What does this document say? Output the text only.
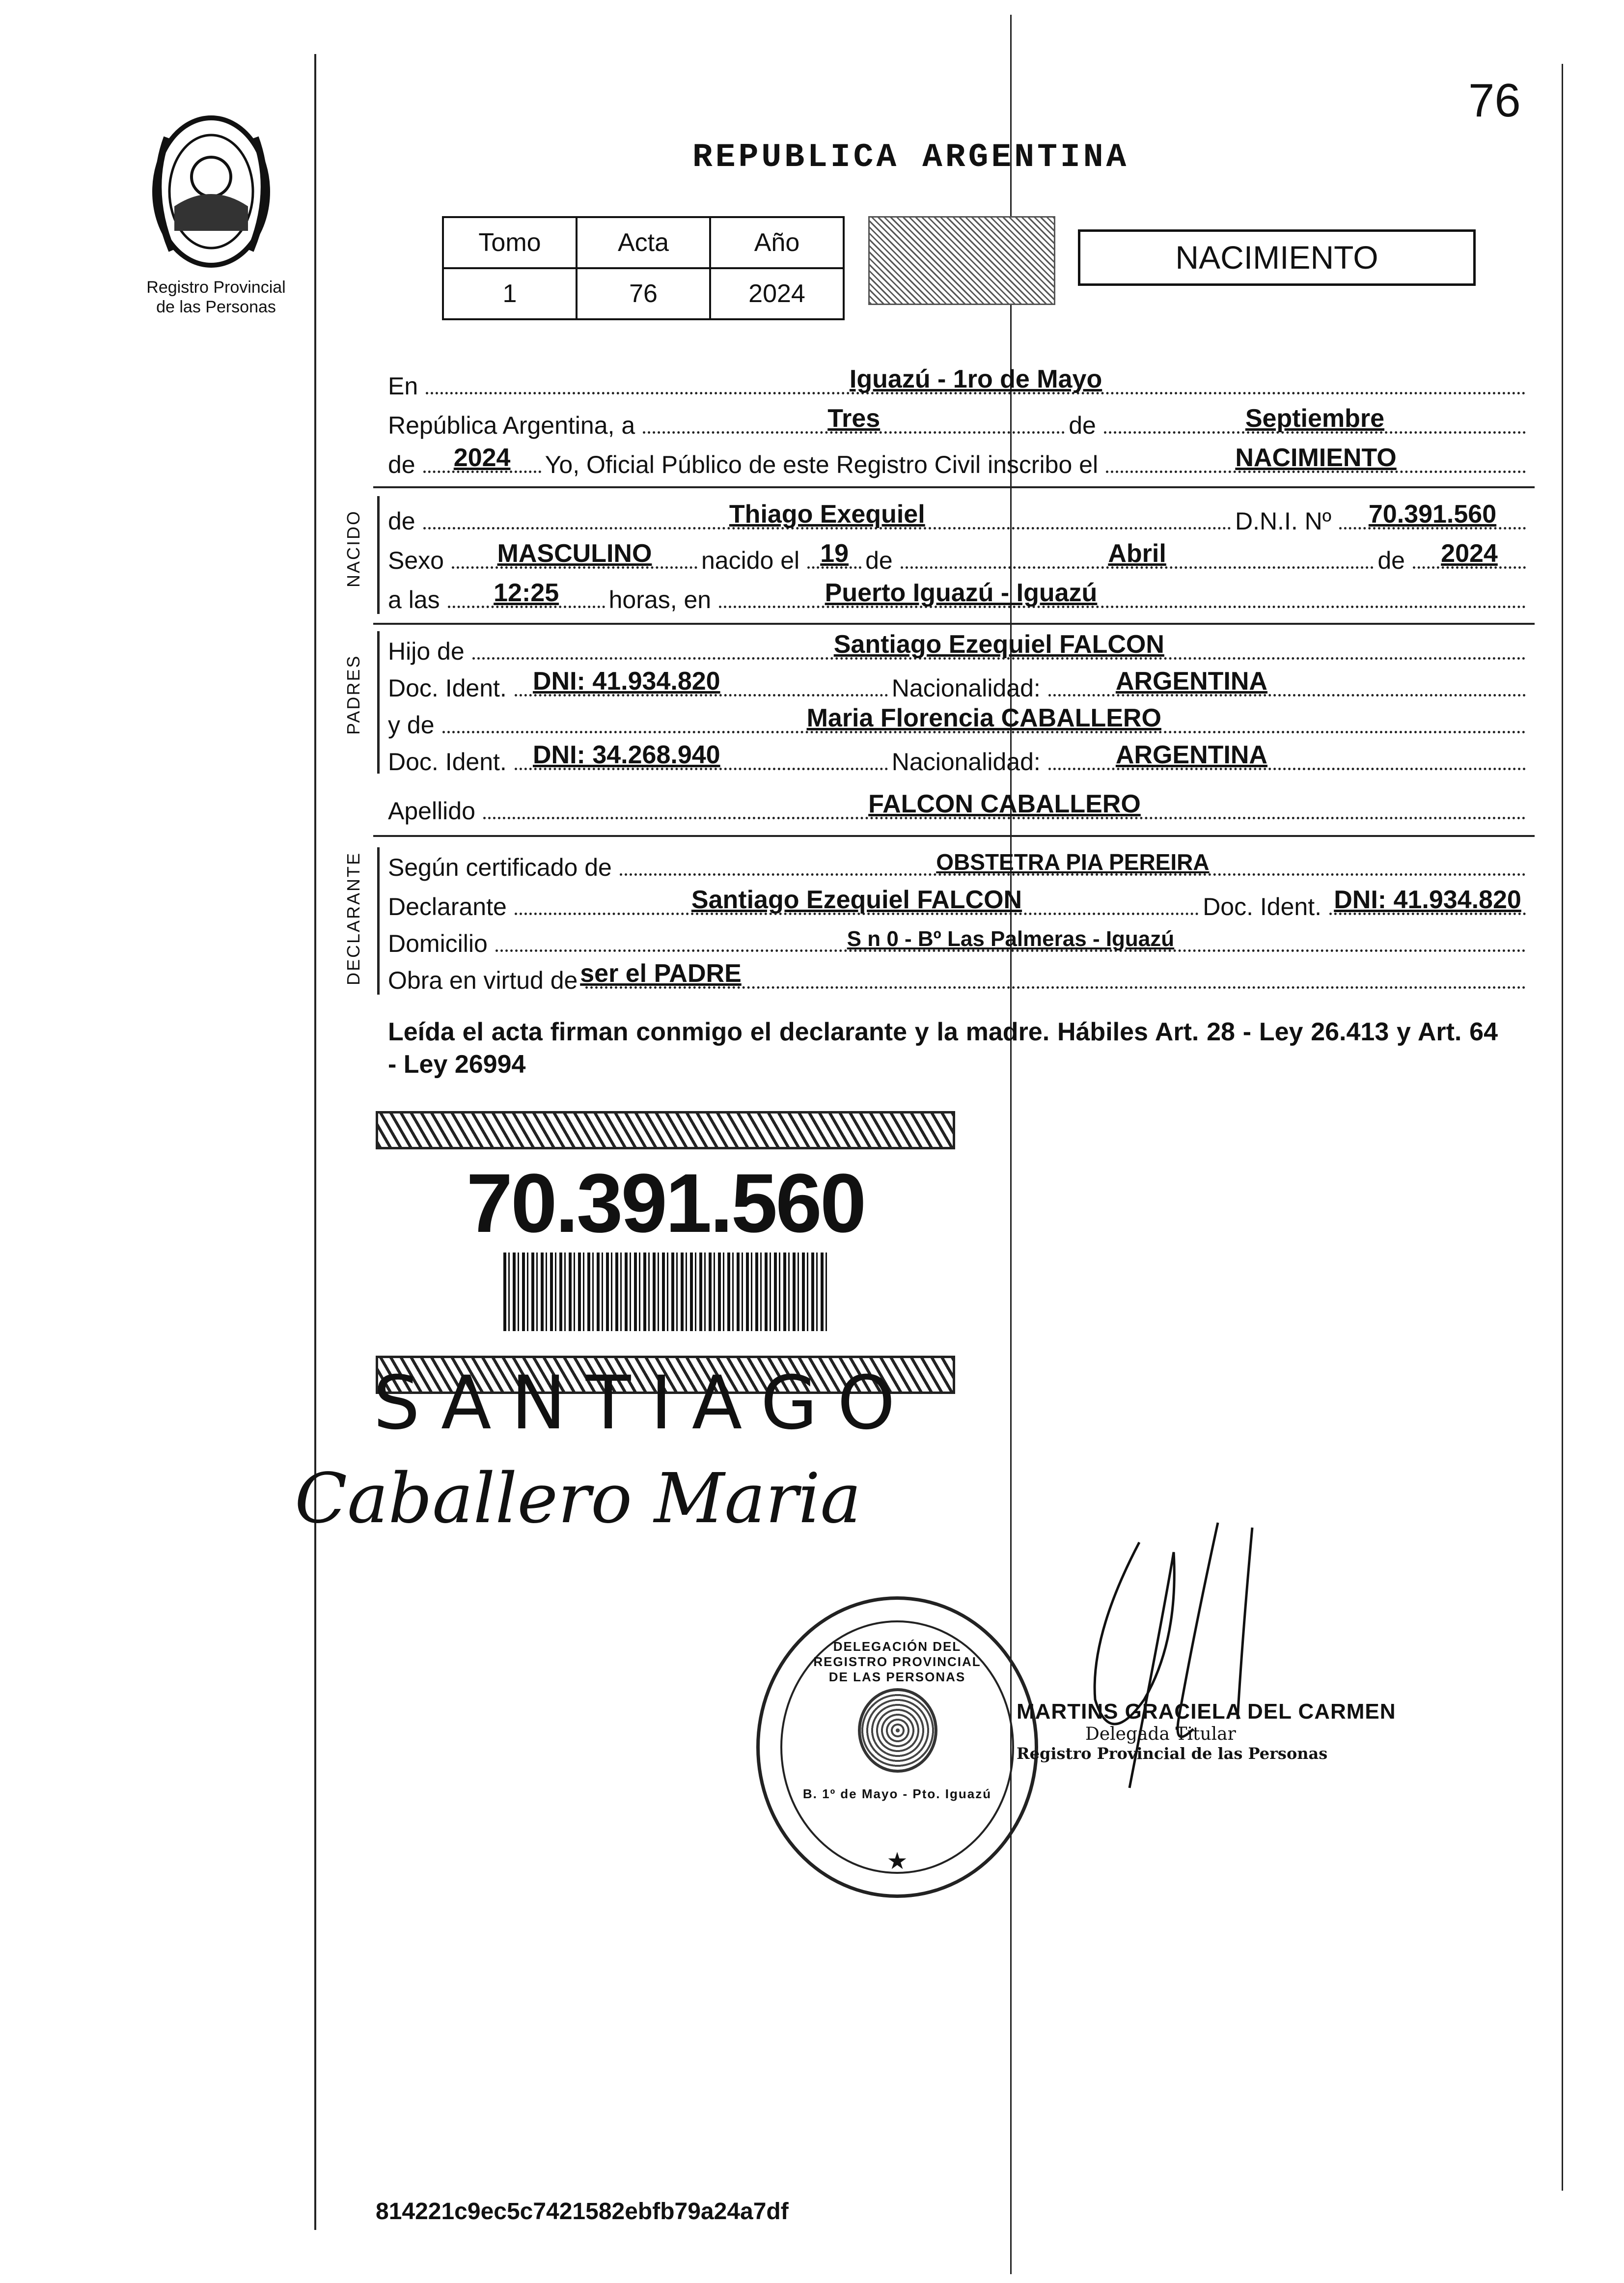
Registro Provincial
de las Personas
76
REPUBLICA ARGENTINA
Tomo	Acta	Año
1	76	2024
NACIMIENTO
En	Iguazú - 1ro de Mayo
República Argentina, a	Tres	de	Septiembre
de 2024 Yo, Oficial Público de este Registro Civil inscribo el	NACIMIENTO
NACIDO de	Thiago Exequiel	D.N.I. Nº 70.391.560
Sexo MASCULINO nacido el 19 de	Abril	de 2024
a las 12:25 horas, en	Puerto Iguazú - Iguazú
PADRES
Hijo de	Santiago Ezequiel FALCON
Doc. Ident. DNI: 41.934.820	Nacionalidad:	ARGENTINA
y de	Maria Florencia CABALLERO
Doc. Ident. DNI: 34.268.940	Nacionalidad:	ARGENTINA
Apellido	FALCON CABALLERO
DECLARANTE Según certificado de	OBSTETRA PIA PEREIRA
Declarante	Santiago Ezequiel FALCON	Doc. Ident. DNI: 41.934.820
Domicilio	S n 0 - Bº Las Palmeras - Iguazú
Obra en virtud de ser el PADRE
Leída el acta firman conmigo el declarante y la madre. Hábiles Art. 28 - Ley 26.413 y Art. 64 - Ley 26994
70.391.560
SANTIAGO
Caballero Maria
DELEGACIÓN DEL REGISTRO PROVINCIAL DE LAS PERSONAS
B. 1º de Mayo - Pto. Iguazú
★
MARTINS GRACIELA DEL CARMEN
Delegada Titular
Registro Provincial de las Personas
814221c9ec5c7421582ebfb79a24a7df
